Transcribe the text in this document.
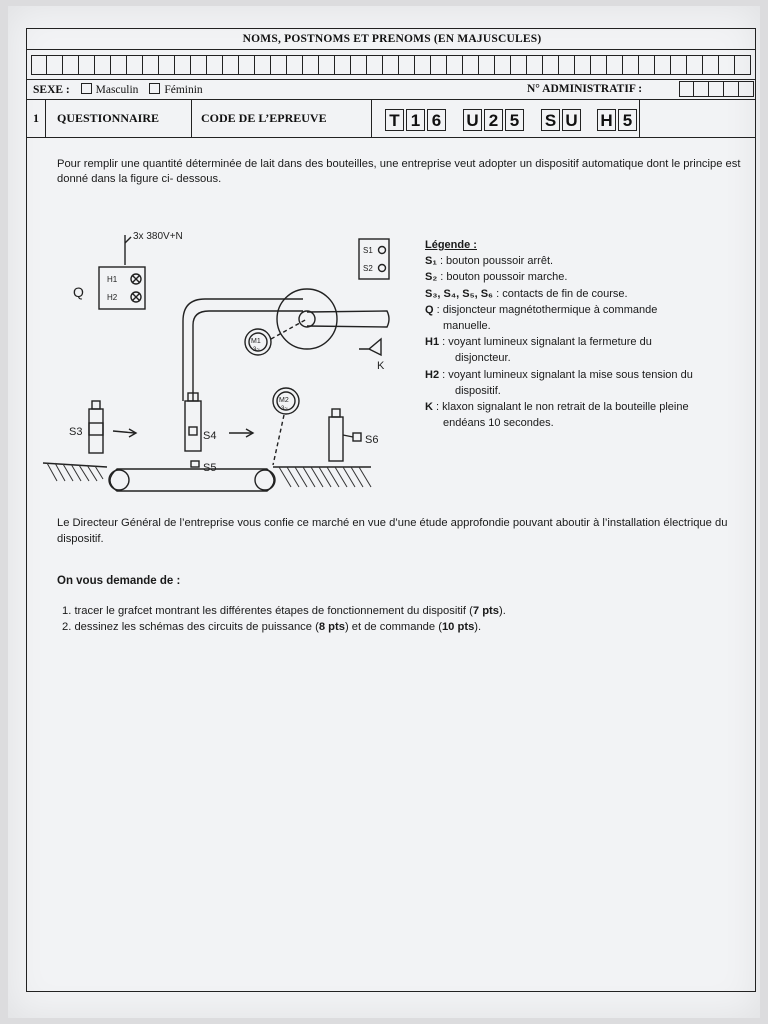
NOMS, POSTNOMS ET PRENOMS (EN MAJUSCULES)
SEXE : Masculin Féminin	N° ADMINISTRATIF :
1 QUESTIONNAIRE	CODE DE L’EPREUVE	T 1 6 U 2 5 S U H 5
Pour remplir une quantité déterminée de lait dans des bouteilles, une entreprise veut adopter un dispositif automatique dont le principe est donné dans la figure ci- dessous.
3x 380V+N
Q
H1
H2
S1
S2
M1
3~
M2
3~
K
S3	S4
S5
S6

Légende :

S₁ : bouton poussoir arrêt.

S₂ : bouton poussoir marche.

S₃, S₄, S₅, S₆ : contacts de fin de course.

Q : disjoncteur magnétothermique à commande

manuelle.

H1 : voyant lumineux signalant la fermeture du

disjoncteur.

H2 : voyant lumineux signalant la mise sous tension du

dispositif.

K : klaxon signalant le non retrait de la bouteille pleine

endéans 10 secondes.

Le Directeur Général de l’entreprise vous confie ce marché en vue d’une étude approfondie pouvant aboutir à l’installation électrique du dispositif.
On vous demande de :
1. tracer le grafcet montrant les différentes étapes de fonctionnement du dispositif (7 pts).
2. dessinez les schémas des circuits de puissance (8 pts) et de commande (10 pts).
